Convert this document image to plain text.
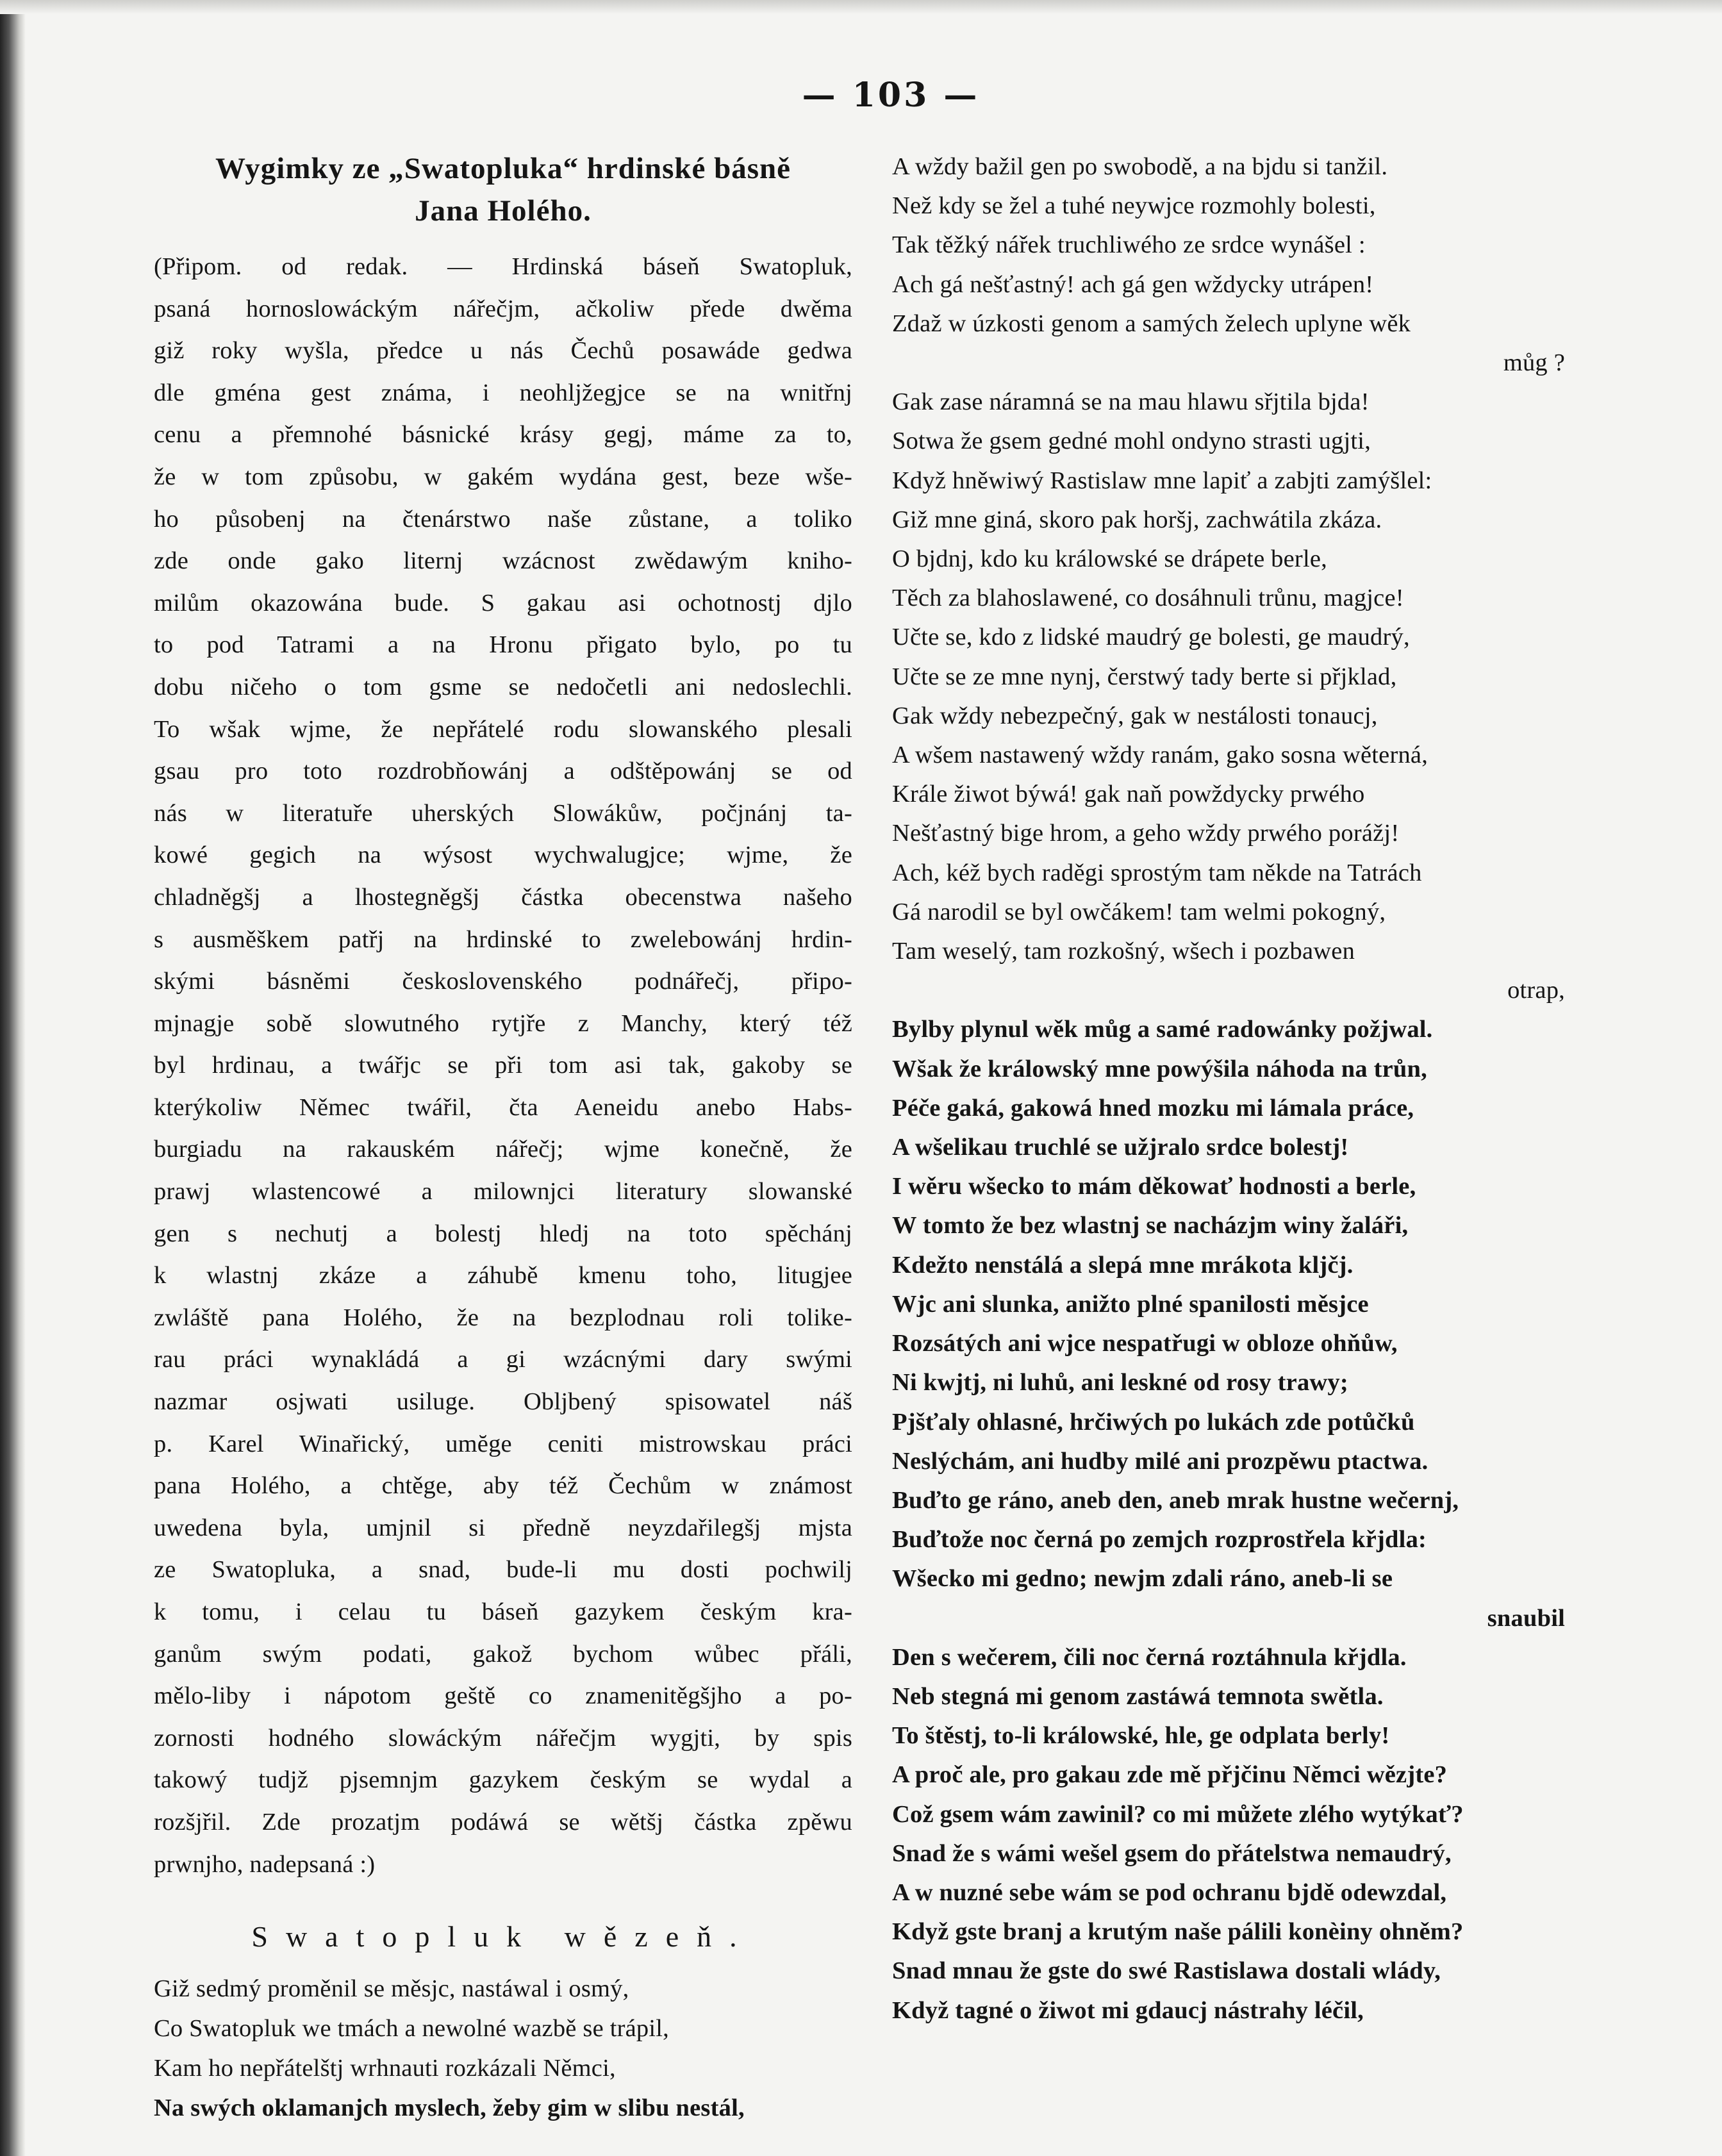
— 103 —
Wygimky ze „Swatopluka“ hrdinské básně
Jana Holého.
(Připom. od redak. — Hrdinská báseň Swatopluk,
psaná hornoslowáckým nářečjm, ačkoliw přede dwěma
giž roky wyšla, předce u nás Čechů posawáde gedwa
dle gména gest známa, i neohljžegjce se na wnitřnj
cenu a přemnohé básnické krásy gegj, máme za to,
že w tom způsobu, w gakém wydána gest, beze wše-
ho působenj na čtenárstwo naše zůstane, a toliko
zde onde gako liternj wzácnost zwědawým kniho-
milům okazowána bude. S gakau asi ochotnostj djlo
to pod Tatrami a na Hronu přigato bylo, po tu
dobu ničeho o tom gsme se nedočetli ani nedoslechli.
To wšak wjme, že nepřátelé rodu slowanského plesali
gsau pro toto rozdrobňowánj a odštěpowánj se od
nás w literatuře uherských Slowákůw, počjnánj ta-
kowé gegich na wýsost wychwalugjce; wjme, že
chladněgšj a lhostegněgšj částka obecenstwa našeho
s ausměškem patřj na hrdinské to zwelebowánj hrdin-
skými básněmi československého podnářečj, připo-
mjnagje sobě slowutného rytjře z Manchy, který též
byl hrdinau, a twářjc se při tom asi tak, gakoby se
kterýkoliw Němec twářil, čta Aeneidu anebo Habs-
burgiadu na rakauském nářečj; wjme konečně, že
prawj wlastencowé a milownjci literatury slowanské
gen s nechutj a bolestj hledj na toto spěchánj
k wlastnj zkáze a záhubě kmenu toho, litugjee
zwláště pana Holého, že na bezplodnau roli tolike-
rau práci wynakládá a gi wzácnými dary swými
nazmar osjwati usiluge. Oblјbený spisowatel náš
p. Karel Winařický, umĕge ceniti mistrowskau práci
pana Holého, a chtěge, aby též Čechům w známost
uwedena byla, umjnil si předně neyzdařilegšj mjsta
ze Swatopluka, a snad, bude-li mu dosti pochwilj
k tomu, i celau tu báseň gazykem českým kra-
ganům swým podati, gakož bychom wůbec přáli,
mělo-liby i nápotom geště co znamenitěgšjho a po-
zornosti hodného slowáckým nářečjm wygjti, by spis
takowý tudjž pjsemnjm gazykem českým se wydal a
rozšjřil. Zde prozatjm podáwá se wětšj částka zpěwu
prwnjho, nadepsaná :)
Swatopluk wězeň.
Giž sedmý proměnil se měsjc, nastáwal i osmý,
Co Swatopluk we tmách a newolné wazbě se trápil,
Kam ho nepřátelštj wrhnauti rozkázali Němci,
Na swých oklamanjch myslech, žeby gim w slibu nestál,
A wždy bažil gen po swobodě, a na bjdu si tanžil.
Než kdy se žel a tuhé neywjce rozmohly bolesti,
Tak těžký nářek truchliwého ze srdce wynášel :
Ach gá nešťastný! ach gá gen wždycky utrápen!
Zdaž w úzkosti genom a samých želech uplyne wěk
můg ?
Gak zase náramná se na mau hlawu sřjtila bjda!
Sotwa že gsem gedné mohl ondyno strasti ugjti,
Když hněwiwý Rastislaw mne lapiť a zabjti zamýšlel:
Giž mne giná, skoro pak horšj, zachwátila zkáza.
O bjdnj, kdo ku králowské se drápete berle,
Těch za blahoslawené, co dosáhnuli trůnu, magjce!
Učte se, kdo z lidské maudrý ge bolesti, ge maudrý,
Učte se ze mne nynj, čerstwý tady berte si přjklad,
Gak wždy nebezpečný, gak w nestálosti tonaucj,
A wšem nastawený wždy ranám, gako sosna wěterná,
Krále žiwot býwá! gak naň powždycky prwého
Nešťastný bige hrom, a geho wždy prwého porážj!
Ach, kéž bych raděgi sprostým tam někde na Tatrách
Gá narodil se byl owčákem! tam welmi pokogný,
Tam weselý, tam rozkošný, wšech i pozbawen
otrap,
Bylby plynul wěk můg a samé radowánky požjwal.
Wšak že králowský mne powýšila náhoda na trůn,
Péče gaká, gakowá hned mozku mi lámala práce,
A wšelikau truchlé se užjralo srdce bolestj!
I wěru wšecko to mám děkowať hodnosti a berle,
W tomto že bez wlastnj se nacházjm winy žaláři,
Kdežto nenstálá a slepá mne mrákota kljčj.
Wjc ani slunka, anižto plné spanilosti měsjce
Rozsátých ani wjce nespatřugi w obloze ohňůw,
Ni kwjtj, ni luhů, ani leskné od rosy trawy;
Pjšťaly ohlasné, hrčiwých po lukách zde potůčků
Neslýchám, ani hudby milé ani prozpěwu ptactwa.
Buďto ge ráno, aneb den, aneb mrak hustne wečernj,
Buďtože noc černá po zemjch rozprostřela křjdla:
Wšecko mi gedno; newjm zdali ráno, aneb-li se
snaubil
Den s wečerem, čili noc černá roztáhnula křjdla.
Neb stegná mi genom zastáwá temnota swětla.
To štěstj, to-li králowské, hle, ge odplata berly!
A proč ale, pro gakau zde mě přjčinu Němci wězjte?
Což gsem wám zawinil? co mi můžete zlého wytýkať?
Snad že s wámi wešel gsem do přátelstwa nemaudrý,
A w nuzné sebe wám se pod ochranu bjdě odewzdal,
Když gste branj a krutým naše pálili konèiny ohněm?
Snad mnau že gste do swé Rastislawa dostali wlády,
Když tagné o žiwot mi gdaucj nástrahy léčil,
